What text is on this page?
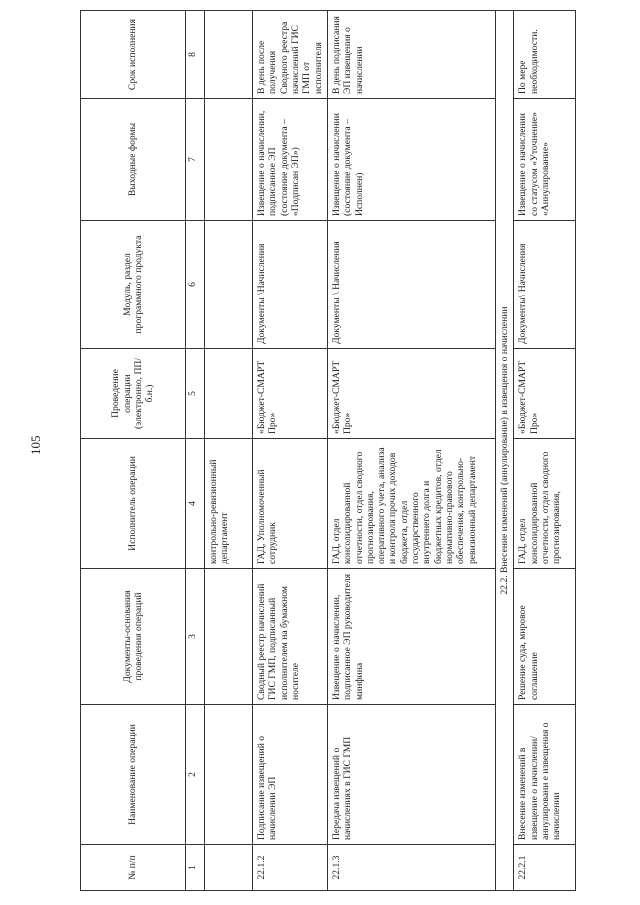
105
№ п/п	Наименование операции	Документы-основания проведения операций	Исполнитель операции	Проведение операции (электронно, ПП/б.н.)	Модуль, раздел программного продукта	Выходные формы	Срок исполнения
1	2	3	4	5	6	7	8
			контрольно-ревизионный департамент				
22.1.2	Подписание извещений о начислении ЭП	Сводный реестр начислений ГИС ГМП, подписанный исполнителем на бумажном носителе	ГАД, Уполномоченный сотрудник	«Бюджет-СМАРТ Про»	Документы \Начисления	Извещение о начислении, подписанное ЭП (состояние документа – «Подписан ЭП»)	В день после получения Сводного реестра начислений ГИС ГМП от исполнителя
22.1.3	Передача извещений о начислениях в ГИС ГМП	Извещение о начислении, подписанное ЭП руководителя минфина	ГАД, отдел консолидированной отчетности, отдел сводного прогнозирования, оперативного учета, анализа и контроля прочих доходов бюджета, отдел государственного внутреннего долга и бюджетных кредитов, отдел нормативно-правового обеспечения, контрольно-ревизионный департамент	«Бюджет-СМАРТ Про»	Документы \ Начисления	Извещение о начислении (состояние документа – Исполнен)	В день подписания ЭП извещения о начислении
22.2. Внесение изменений (аннулирование) в извещения о начислении							
22.2.1	Внесение изменений в извещение о начислении/аннулировани е извещения о начислении	Решение суда, мировое соглашение	ГАД, отдел консолидированной отчетности, отдел сводного прогнозирования,	«Бюджет-СМАРТ Про»	Документы\ Начисления	Извещение о начислении со статусом «Уточнение» «Аннулирование»	По мере необходимости.
